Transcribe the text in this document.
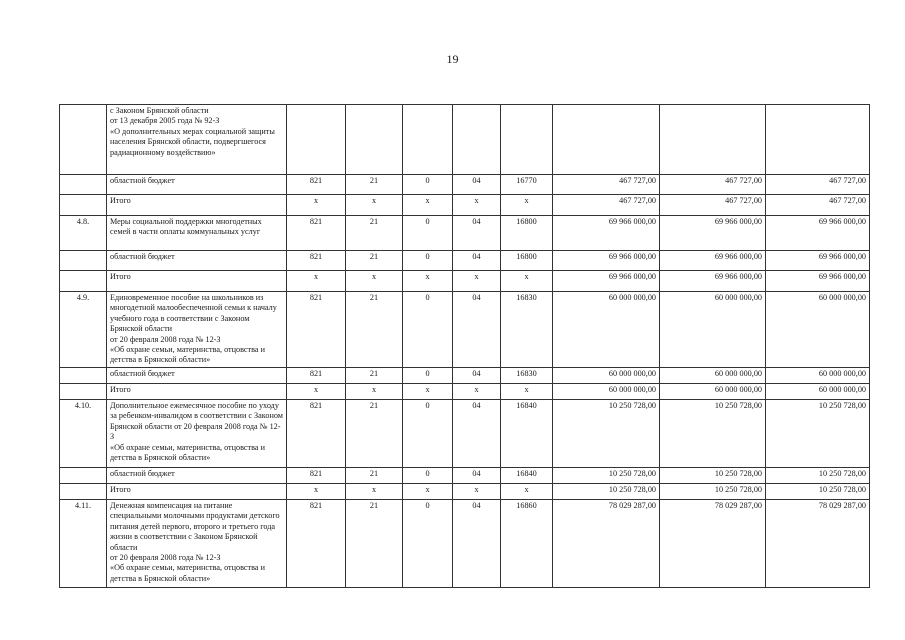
19
	с Законом Брянской области
от 13 декабря 2005 года № 92-З
«О дополнительных мерах социальной защиты населения Брянской области, подвергшегося радиационному воздействию»								
	областной бюджет	821	21	0	04	16770	467 727,00	467 727,00	467 727,00
	Итого	х	х	х	х	х	467 727,00	467 727,00	467 727,00
4.8.	Меры социальной поддержки многодетных семей в части оплаты коммунальных услуг	821	21	0	04	16800	69 966 000,00	69 966 000,00	69 966 000,00
	областной бюджет	821	21	0	04	16800	69 966 000,00	69 966 000,00	69 966 000,00
	Итого	х	х	х	х	х	69 966 000,00	69 966 000,00	69 966 000,00
4.9.	Единовременное пособие на школьников из многодетной малообеспеченной семьи к началу учебного года в соответствии с Законом Брянской области
от 20 февраля 2008 года № 12-З
«Об охране семьи, материнства, отцовства и детства в Брянской области»	821	21	0	04	16830	60 000 000,00	60 000 000,00	60 000 000,00
	областной бюджет	821	21	0	04	16830	60 000 000,00	60 000 000,00	60 000 000,00
	Итого	х	х	х	х	х	60 000 000,00	60 000 000,00	60 000 000,00
4.10.	Дополнительное ежемесячное пособие по уходу за ребенком-инвалидом в соответствии с Законом Брянской области от 20 февраля 2008 года № 12-З
«Об охране семьи, материнства, отцовства и детства в Брянской области»	821	21	0	04	16840	10 250 728,00	10 250 728,00	10 250 728,00
	областной бюджет	821	21	0	04	16840	10 250 728,00	10 250 728,00	10 250 728,00
	Итого	х	х	х	х	х	10 250 728,00	10 250 728,00	10 250 728,00
4.11.	Денежная компенсация на питание специальными молочными продуктами детского питания детей первого, второго и третьего года жизни в соответствии с Законом Брянской области
от 20 февраля 2008 года № 12-З
«Об охране семьи, материнства, отцовства и детства в Брянской области»	821	21	0	04	16860	78 029 287,00	78 029 287,00	78 029 287,00
